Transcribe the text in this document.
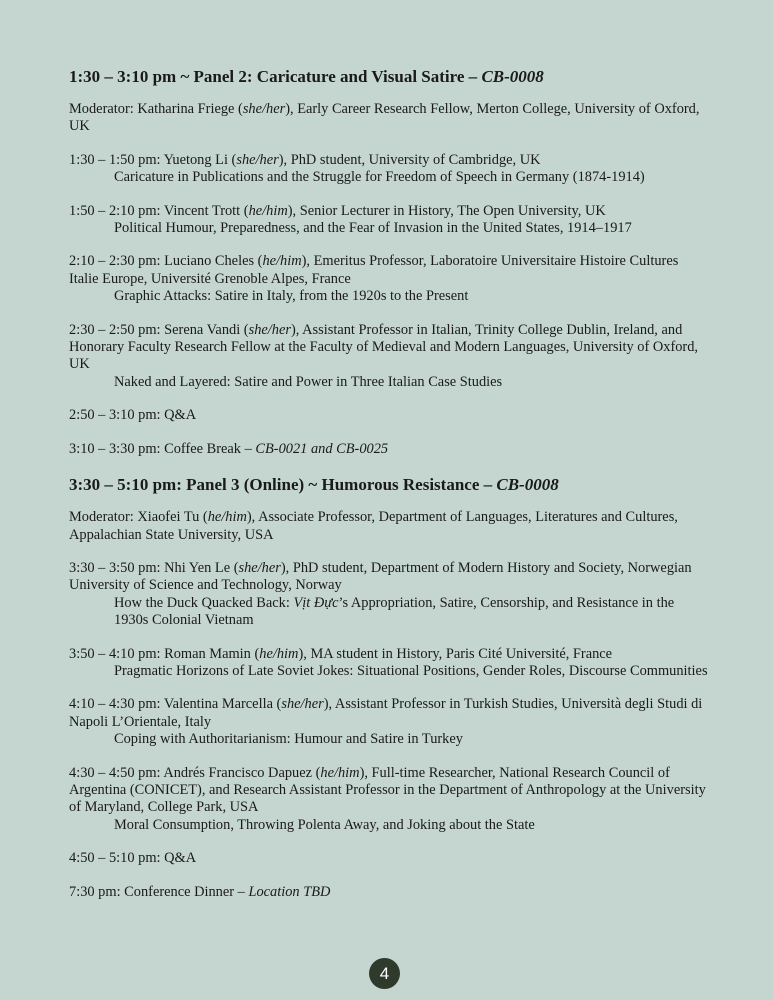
1:30 – 3:10 pm ~ Panel 2: Caricature and Visual Satire – CB-0008

Moderator: Katharina Friege (she/her), Early Career Research Fellow, Merton College, University of Oxford, UK

1:30 – 1:50 pm: Yuetong Li (she/her), PhD student, University of Cambridge, UK

Caricature in Publications and the Struggle for Freedom of Speech in Germany (1874-1914)

1:50 – 2:10 pm: Vincent Trott (he/him), Senior Lecturer in History, The Open University, UK

Political Humour, Preparedness, and the Fear of Invasion in the United States, 1914–1917

2:10 – 2:30 pm: Luciano Cheles (he/him), Emeritus Professor, Laboratoire Universitaire Histoire Cultures Italie Europe, Université Grenoble Alpes, France

Graphic Attacks: Satire in Italy, from the 1920s to the Present

2:30 – 2:50 pm: Serena Vandi (she/her), Assistant Professor in Italian, Trinity College Dublin, Ireland, and Honorary Faculty Research Fellow at the Faculty of Medieval and Modern Languages, University of Oxford, UK

Naked and Layered: Satire and Power in Three Italian Case Studies

2:50 – 3:10 pm: Q&A

3:10 – 3:30 pm: Coffee Break – CB-0021 and CB-0025

3:30 – 5:10 pm: Panel 3 (Online) ~ Humorous Resistance – CB-0008

Moderator: Xiaofei Tu (he/him), Associate Professor, Department of Languages, Literatures and Cultures, Appalachian State University, USA

3:30 – 3:50 pm: Nhi Yen Le (she/her), PhD student, Department of Modern History and Society, Norwegian University of Science and Technology, Norway

How the Duck Quacked Back: Vịt Đực’s Appropriation, Satire, Censorship, and Resistance in the 1930s Colonial Vietnam

3:50 – 4:10 pm: Roman Mamin (he/him), MA student in History, Paris Cité Université, France

Pragmatic Horizons of Late Soviet Jokes: Situational Positions, Gender Roles, Discourse Communities

4:10 – 4:30 pm: Valentina Marcella (she/her), Assistant Professor in Turkish Studies, Università degli Studi di Napoli L’Orientale, Italy

Coping with Authoritarianism: Humour and Satire in Turkey

4:30 – 4:50 pm: Andrés Francisco Dapuez (he/him), Full-time Researcher, National Research Council of Argentina (CONICET), and Research Assistant Professor in the Department of Anthropology at the University of Maryland, College Park, USA

Moral Consumption, Throwing Polenta Away, and Joking about the State

4:50 – 5:10 pm: Q&A

7:30 pm: Conference Dinner – Location TBD

4
